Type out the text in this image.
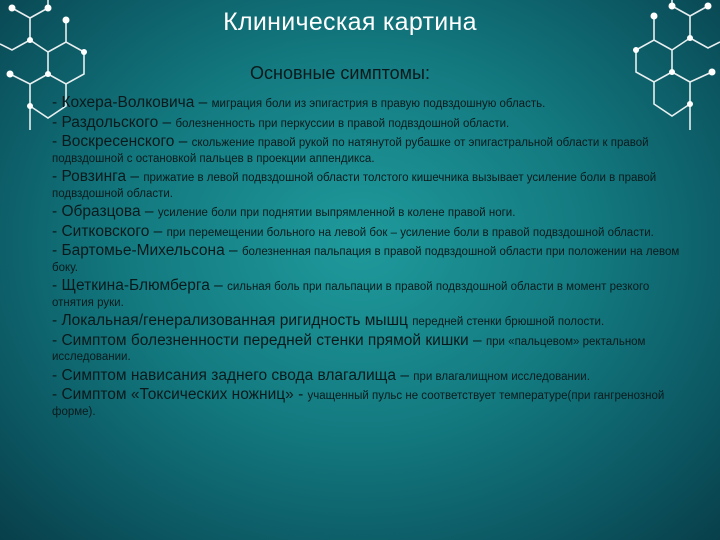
Клиническая картина
Основные симптомы:
- Кохера-Волковича – миграция боли из эпигастрия в правую подвздошную область.
- Раздольского – болезненность при перкуссии в правой подвздошной области.
- Воскресенского – скольжение правой рукой по натянутой рубашке от эпигастральной области к правой подвздошной с остановкой пальцев в проекции аппендикса.
- Ровзинга – прижатие в левой подвздошной области толстого кишечника вызывает усиление боли в правой подвздошной области.
- Образцова – усиление боли при поднятии выпрямленной в колене правой ноги.
- Ситковского – при перемещении больного на левой бок – усиление боли в правой подвздошной области.
- Бартомье-Михельсона – болезненная пальпация в правой подвздошной области при положении на левом боку.
- Щеткина-Блюмберга – сильная боль при пальпации в правой подвздошной области в момент резкого отнятия руки.
- Локальная/генерализованная ригидность мышц передней стенки брюшной полости.
- Симптом болезненности передней стенки прямой кишки – при «пальцевом» ректальном исследовании.
- Симптом нависания заднего свода влагалища – при влагалищном исследовании.
- Симптом «Токсических ножниц» - учащенный пульс не соответствует температуре(при гангренозной форме).
